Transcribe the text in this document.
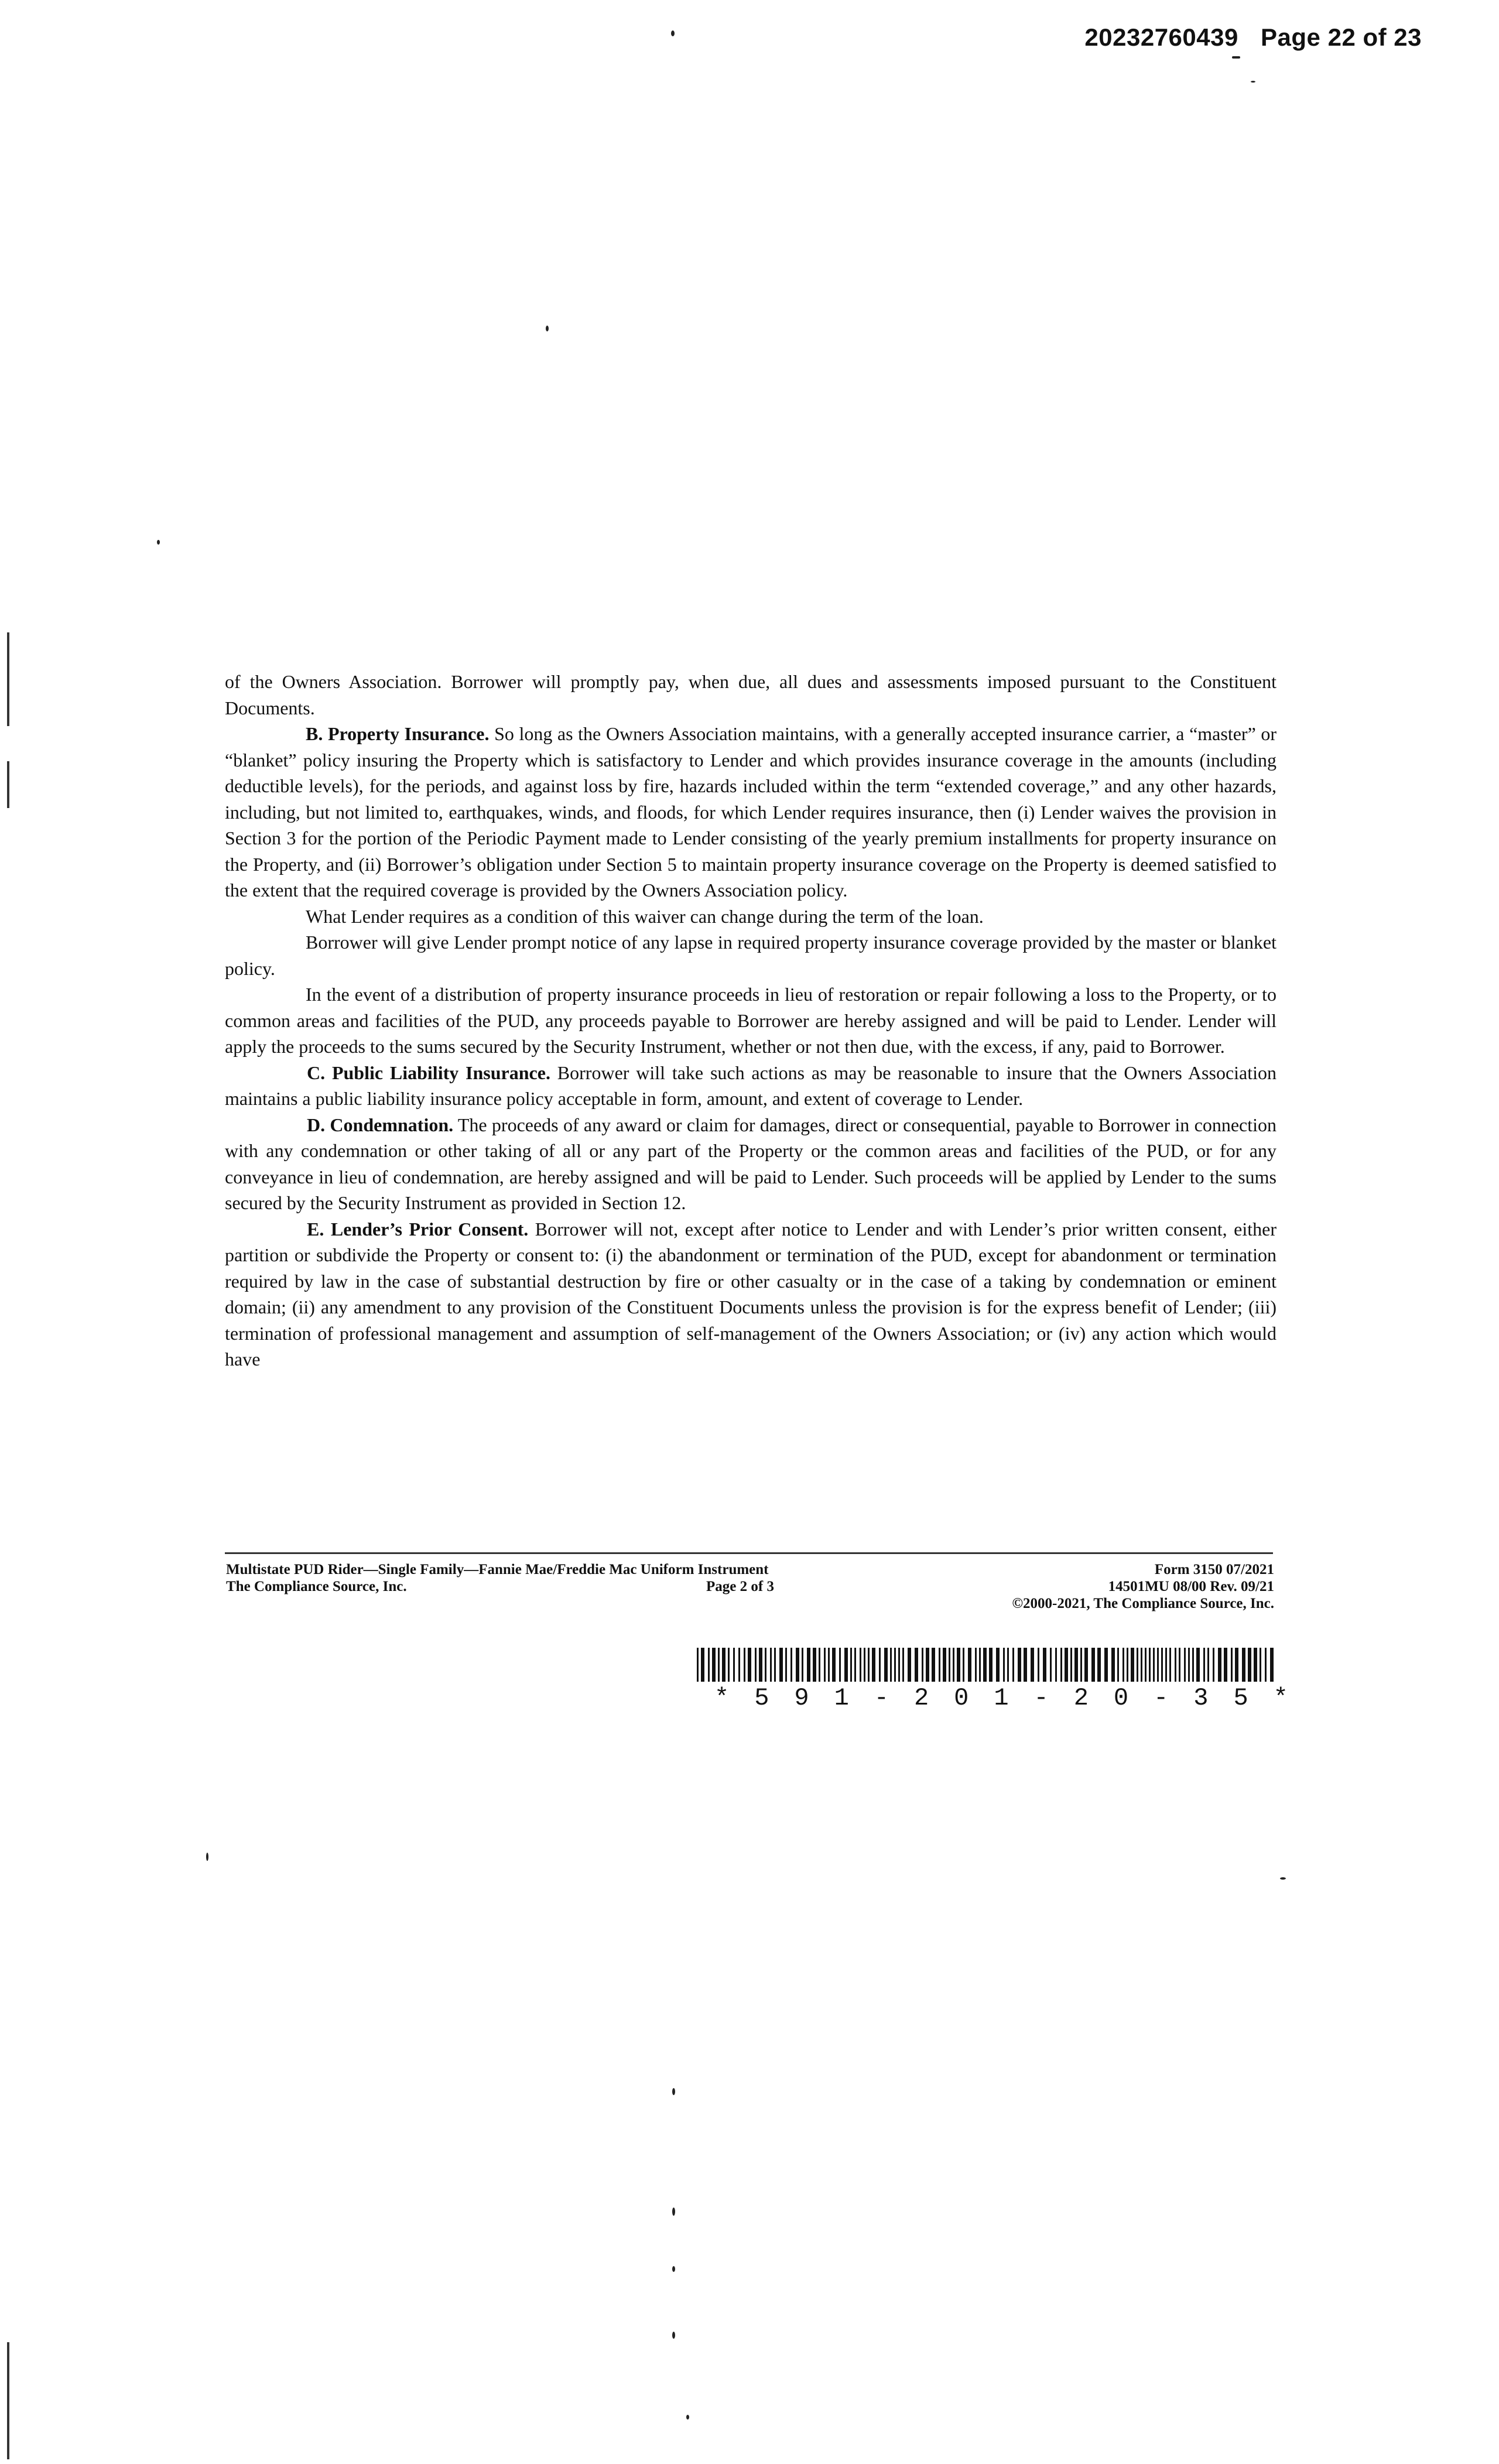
20232760439 Page 22 of 23

of the Owners Association. Borrower will promptly pay, when due, all dues and assessments imposed pursuant to the Constituent Documents.

B. Property Insurance. So long as the Owners Association maintains, with a generally accepted insurance carrier, a “master” or “blanket” policy insuring the Property which is satisfactory to Lender and which provides insurance coverage in the amounts (including deductible levels), for the periods, and against loss by fire, hazards included within the term “extended coverage,” and any other hazards, including, but not limited to, earthquakes, winds, and floods, for which Lender requires insurance, then (i) Lender waives the provision in Section 3 for the portion of the Periodic Payment made to Lender consisting of the yearly premium installments for property insurance on the Property, and (ii) Borrower’s obligation under Section 5 to maintain property insurance coverage on the Property is deemed satisfied to the extent that the required coverage is provided by the Owners Association policy.

What Lender requires as a condition of this waiver can change during the term of the loan.

Borrower will give Lender prompt notice of any lapse in required property insurance coverage provided by the master or blanket policy.

In the event of a distribution of property insurance proceeds in lieu of restoration or repair following a loss to the Property, or to common areas and facilities of the PUD, any proceeds payable to Borrower are hereby assigned and will be paid to Lender. Lender will apply the proceeds to the sums secured by the Security Instrument, whether or not then due, with the excess, if any, paid to Borrower.

C. Public Liability Insurance. Borrower will take such actions as may be reasonable to insure that the Owners Association maintains a public liability insurance policy acceptable in form, amount, and extent of coverage to Lender.

D. Condemnation. The proceeds of any award or claim for damages, direct or consequential, payable to Borrower in connection with any condemnation or other taking of all or any part of the Property or the common areas and facilities of the PUD, or for any conveyance in lieu of condemnation, are hereby assigned and will be paid to Lender. Such proceeds will be applied by Lender to the sums secured by the Security Instrument as provided in Section 12.

E. Lender’s Prior Consent. Borrower will not, except after notice to Lender and with Lender’s prior written consent, either partition or subdivide the Property or consent to: (i) the abandonment or termination of the PUD, except for abandonment or termination required by law in the case of substantial destruction by fire or other casualty or in the case of a taking by condemnation or eminent domain; (ii) any amendment to any provision of the Constituent Documents unless the provision is for the express benefit of Lender; (iii) termination of professional management and assumption of self-management of the Owners Association; or (iv) any action which would have

Multistate PUD Rider—Single Family—Fannie Mae/Freddie Mac Uniform Instrument	Form 3150 07/2021
The Compliance Source, Inc.	Page 2 of 3	14501MU 08/00 Rev. 09/21
©2000-2021, The Compliance Source, Inc.
* 5 9 1 - 2 0 1 - 2 0 - 3 5 *
